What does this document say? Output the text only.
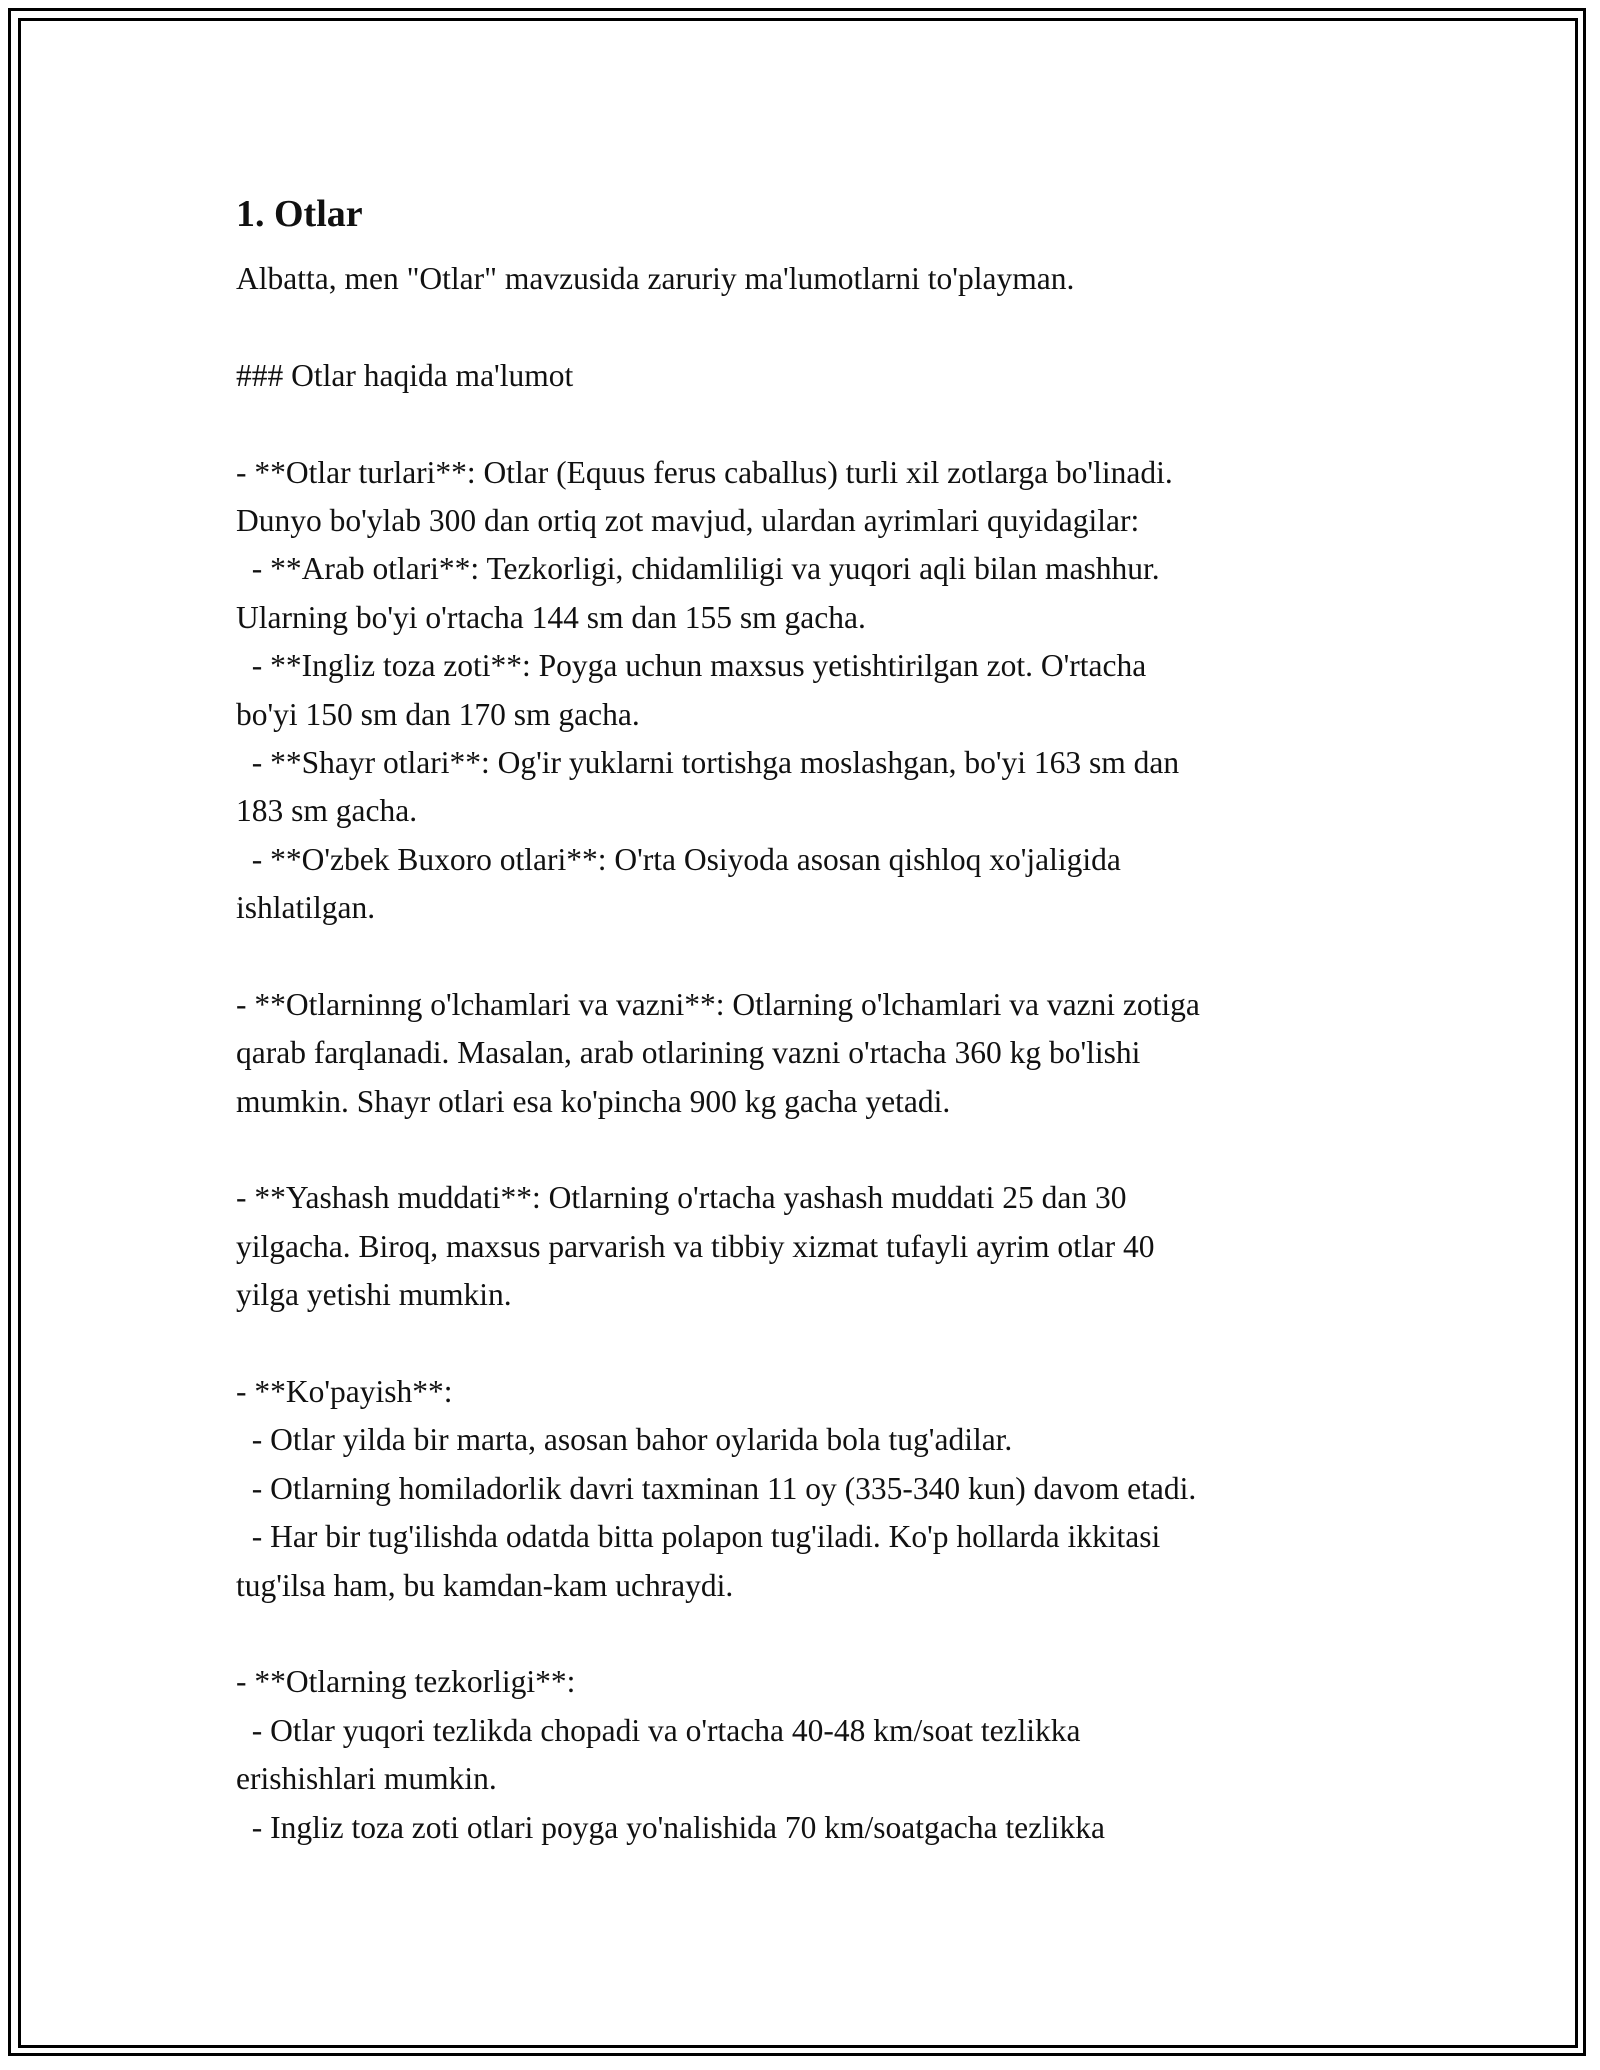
1. Otlar
Albatta, men "Otlar" mavzusida zaruriy ma'lumotlarni to'playman.
### Otlar haqida ma'lumot
- **Otlar turlari**: Otlar (Equus ferus caballus) turli xil zotlarga bo'linadi.
Dunyo bo'ylab 300 dan ortiq zot mavjud, ulardan ayrimlari quyidagilar:
- **Arab otlari**: Tezkorligi, chidamliligi va yuqori aqli bilan mashhur.
Ularning bo'yi o'rtacha 144 sm dan 155 sm gacha.
- **Ingliz toza zoti**: Poyga uchun maxsus yetishtirilgan zot. O'rtacha
bo'yi 150 sm dan 170 sm gacha.
- **Shayr otlari**: Og'ir yuklarni tortishga moslashgan, bo'yi 163 sm dan
183 sm gacha.
- **O'zbek Buxoro otlari**: O'rta Osiyoda asosan qishloq xo'jaligida
ishlatilgan.
- **Otlarninng o'lchamlari va vazni**: Otlarning o'lchamlari va vazni zotiga
qarab farqlanadi. Masalan, arab otlarining vazni o'rtacha 360 kg bo'lishi
mumkin. Shayr otlari esa ko'pincha 900 kg gacha yetadi.
- **Yashash muddati**: Otlarning o'rtacha yashash muddati 25 dan 30
yilgacha. Biroq, maxsus parvarish va tibbiy xizmat tufayli ayrim otlar 40
yilga yetishi mumkin.
- **Ko'payish**:
- Otlar yilda bir marta, asosan bahor oylarida bola tug'adilar.
- Otlarning homiladorlik davri taxminan 11 oy (335-340 kun) davom etadi.
- Har bir tug'ilishda odatda bitta polapon tug'iladi. Ko'p hollarda ikkitasi
tug'ilsa ham, bu kamdan-kam uchraydi.
- **Otlarning tezkorligi**:
- Otlar yuqori tezlikda chopadi va o'rtacha 40-48 km/soat tezlikka
erishishlari mumkin.
- Ingliz toza zoti otlari poyga yo'nalishida 70 km/soatgacha tezlikka
